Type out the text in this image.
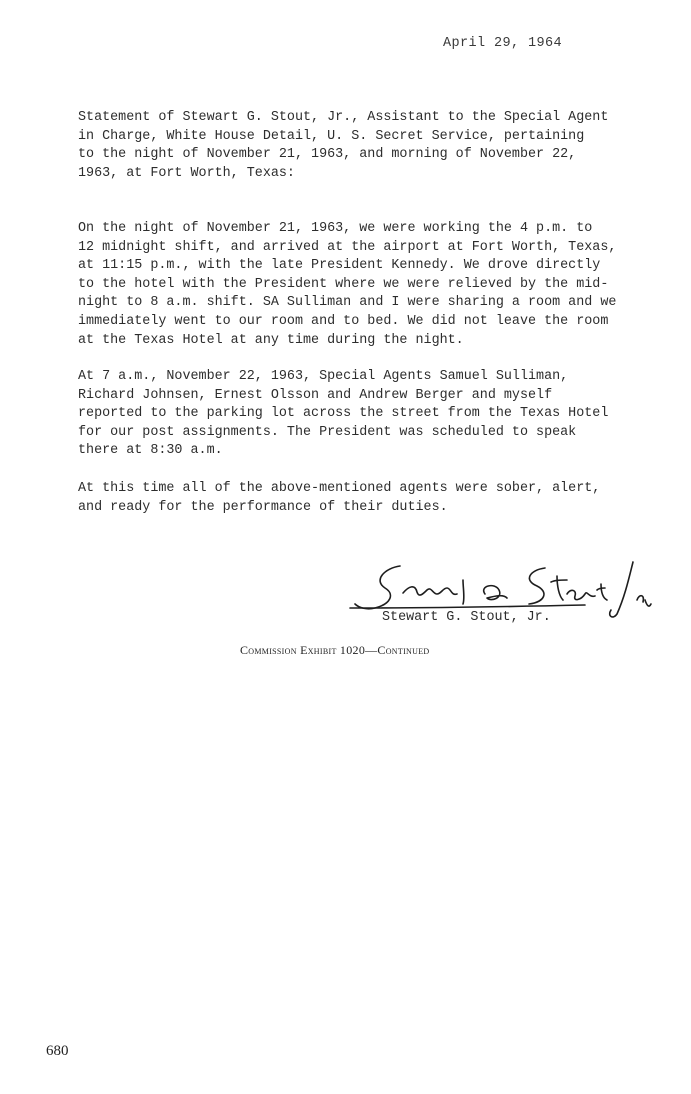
April 29, 1964
Statement of Stewart G. Stout, Jr., Assistant to the Special Agent
in Charge, White House Detail, U. S. Secret Service, pertaining
to the night of November 21, 1963, and morning of November 22,
1963, at Fort Worth, Texas:
On the night of November 21, 1963, we were working the 4 p.m. to
12 midnight shift, and arrived at the airport at Fort Worth, Texas,
at 11:15 p.m., with the late President Kennedy. We drove directly
to the hotel with the President where we were relieved by the mid-
night to 8 a.m. shift. SA Sulliman and I were sharing a room and we
immediately went to our room and to bed. We did not leave the room
at the Texas Hotel at any time during the night.
At 7 a.m., November 22, 1963, Special Agents Samuel Sulliman,
Richard Johnsen, Ernest Olsson and Andrew Berger and myself
reported to the parking lot across the street from the Texas Hotel
for our post assignments. The President was scheduled to speak
there at 8:30 a.m.
At this time all of the above-mentioned agents were sober, alert,
and ready for the performance of their duties.
Stewart G. Stout, Jr.
Commission Exhibit 1020—Continued
680
